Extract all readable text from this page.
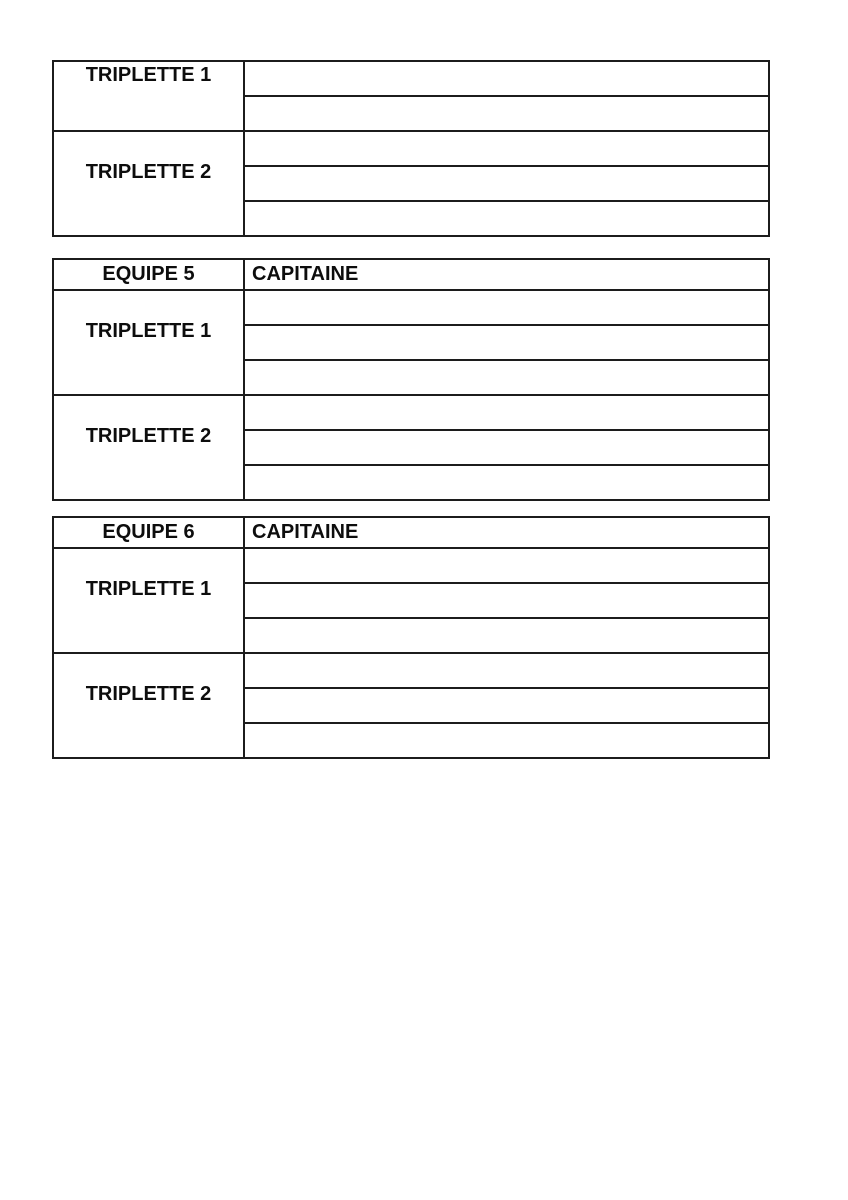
TRIPLETTE 1	

TRIPLETTE 2	

EQUIPE 5	CAPITAINE
TRIPLETTE 1	

TRIPLETTE 2	

EQUIPE 6	CAPITAINE
TRIPLETTE 1	

TRIPLETTE 2	
